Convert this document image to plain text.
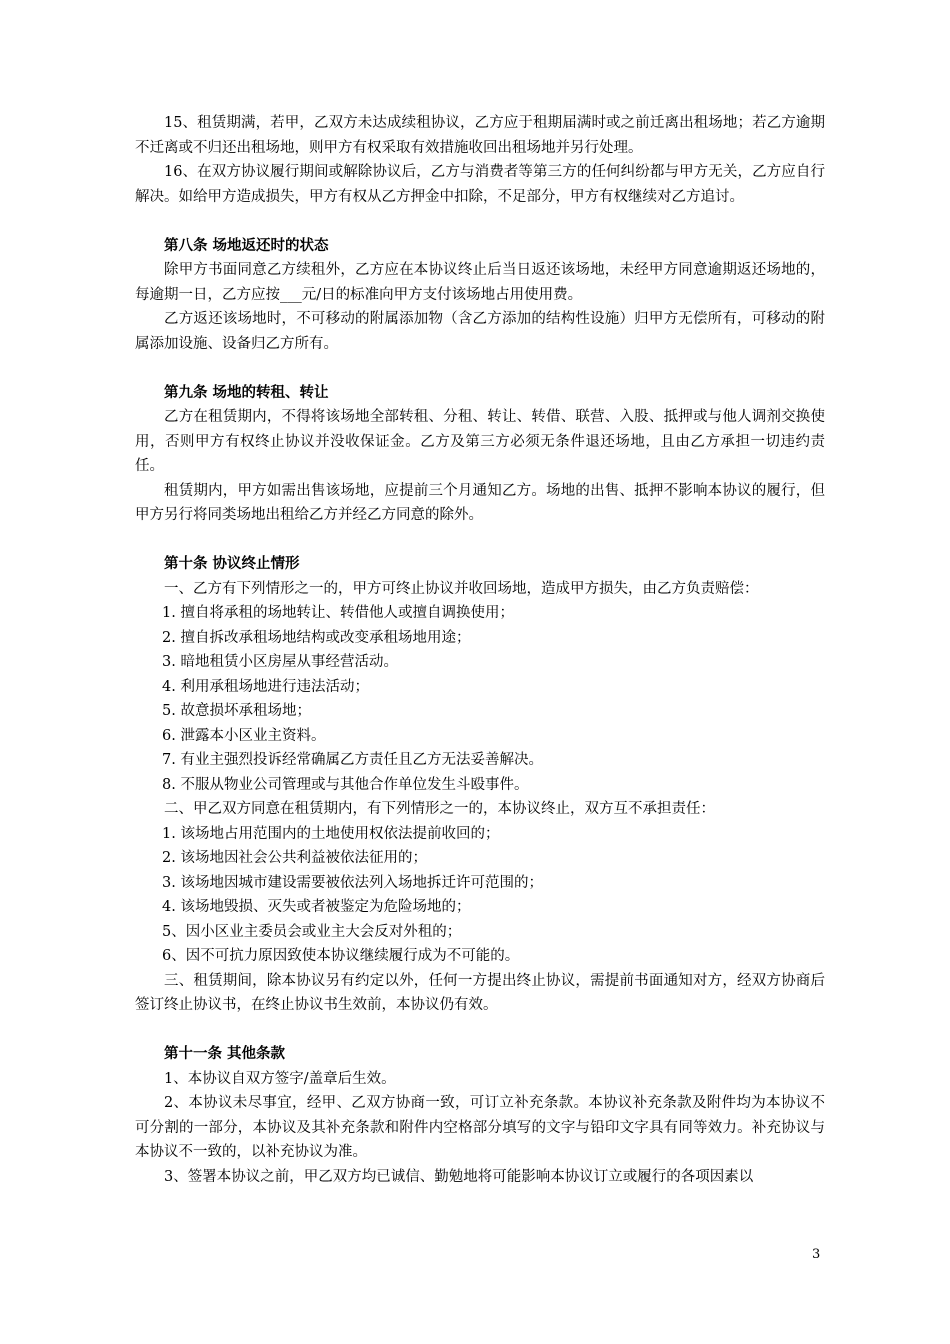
15、租赁期满，若甲，乙双方未达成续租协议，乙方应于租期届满时或之前迁离出租场地；若乙方逾期不迁离或不归还出租场地，则甲方有权采取有效措施收回出租场地并另行处理。

16、在双方协议履行期间或解除协议后，乙方与消费者等第三方的任何纠纷都与甲方无关，乙方应自行解决。如给甲方造成损失，甲方有权从乙方押金中扣除，不足部分，甲方有权继续对乙方追讨。

第八条 场地返还时的状态

除甲方书面同意乙方续租外，乙方应在本协议终止后当日返还该场地，未经甲方同意逾期返还场地的，每逾期一日，乙方应按___元/日的标准向甲方支付该场地占用使用费。

乙方返还该场地时，不可移动的附属添加物（含乙方添加的结构性设施）归甲方无偿所有，可移动的附属添加设施、设备归乙方所有。

第九条 场地的转租、转让

乙方在租赁期内，不得将该场地全部转租、分租、转让、转借、联营、入股、抵押或与他人调剂交换使用，否则甲方有权终止协议并没收保证金。乙方及第三方必须无条件退还场地，且由乙方承担一切违约责任。

租赁期内，甲方如需出售该场地，应提前三个月通知乙方。场地的出售、抵押不影响本协议的履行，但甲方另行将同类场地出租给乙方并经乙方同意的除外。

第十条 协议终止情形

一、乙方有下列情形之一的，甲方可终止协议并收回场地，造成甲方损失，由乙方负责赔偿：

1. 擅自将承租的场地转让、转借他人或擅自调换使用；

2. 擅自拆改承租场地结构或改变承租场地用途；

3. 暗地租赁小区房屋从事经营活动。

4. 利用承租场地进行违法活动；

5. 故意损坏承租场地；

6. 泄露本小区业主资料。

7. 有业主强烈投诉经常确属乙方责任且乙方无法妥善解决。

8. 不服从物业公司管理或与其他合作单位发生斗殴事件。

二、甲乙双方同意在租赁期内，有下列情形之一的，本协议终止，双方互不承担责任：

1. 该场地占用范围内的土地使用权依法提前收回的；

2. 该场地因社会公共利益被依法征用的；

3. 该场地因城市建设需要被依法列入场地拆迁许可范围的；

4. 该场地毁损、灭失或者被鉴定为危险场地的；

5、因小区业主委员会或业主大会反对外租的；

6、因不可抗力原因致使本协议继续履行成为不可能的。

三、租赁期间，除本协议另有约定以外，任何一方提出终止协议，需提前书面通知对方，经双方协商后签订终止协议书，在终止协议书生效前，本协议仍有效。

第十一条 其他条款

1、本协议自双方签字/盖章后生效。

2、本协议未尽事宜，经甲、乙双方协商一致，可订立补充条款。本协议补充条款及附件均为本协议不可分割的一部分，本协议及其补充条款和附件内空格部分填写的文字与铅印文字具有同等效力。补充协议与本协议不一致的，以补充协议为准。

3、签署本协议之前，甲乙双方均已诚信、勤勉地将可能影响本协议订立或履行的各项因素以

3
